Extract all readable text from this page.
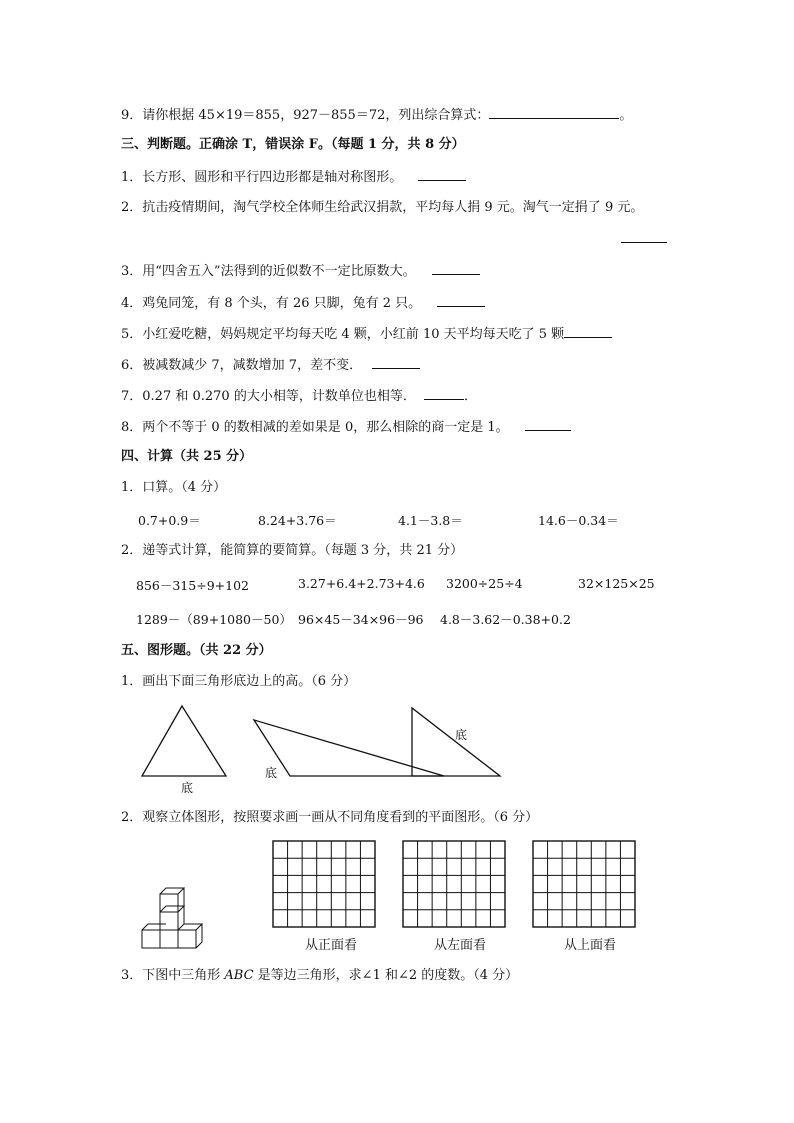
9．请你根据 45×19＝855，927－855＝72，列出综合算式：	。
三、判断题。正确涂 T，错误涂 F。（每题 1 分，共 8 分）
1．长方形、圆形和平行四边形都是轴对称图形。
2．抗击疫情期间，淘气学校全体师生给武汉捐款，平均每人捐 9 元。淘气一定捐了 9 元。
3．用“四舍五入”法得到的近似数不一定比原数大。
4．鸡兔同笼，有 8 个头，有 26 只脚，兔有 2 只。
5．小红爱吃糖，妈妈规定平均每天吃 4 颗，小红前 10 天平均每天吃了 5 颗
6．被减数减少 7，减数增加 7，差不变．
7．0.27 和 0.270 的大小相等，计数单位也相等．	．
8．两个不等于 0 的数相减的差如果是 0，那么相除的商一定是 1。
四、计算（共 25 分）
1．口算。（4 分）
0.7+0.9＝	8.24+3.76＝	4.1－3.8＝	14.6－0.34＝
2．递等式计算，能简算的要简算。（每题 3 分，共 21 分）
856－315÷9+102	3.27+6.4+2.73+4.6 3200÷25÷4	32×125×25
1289－（89+1080－50） 96×45－34×96－96 4.8－3.62－0.38+0.2
五、图形题。（共 22 分）
1．画出下面三角形底边上的高。（6 分）
底
底
底
2．观察立体图形，按照要求画一画从不同角度看到的平面图形。（6 分）
从正面看	从左面看	从上面看
3．下图中三角形 ABC 是等边三角形，求∠1 和∠2 的度数。（4 分）
